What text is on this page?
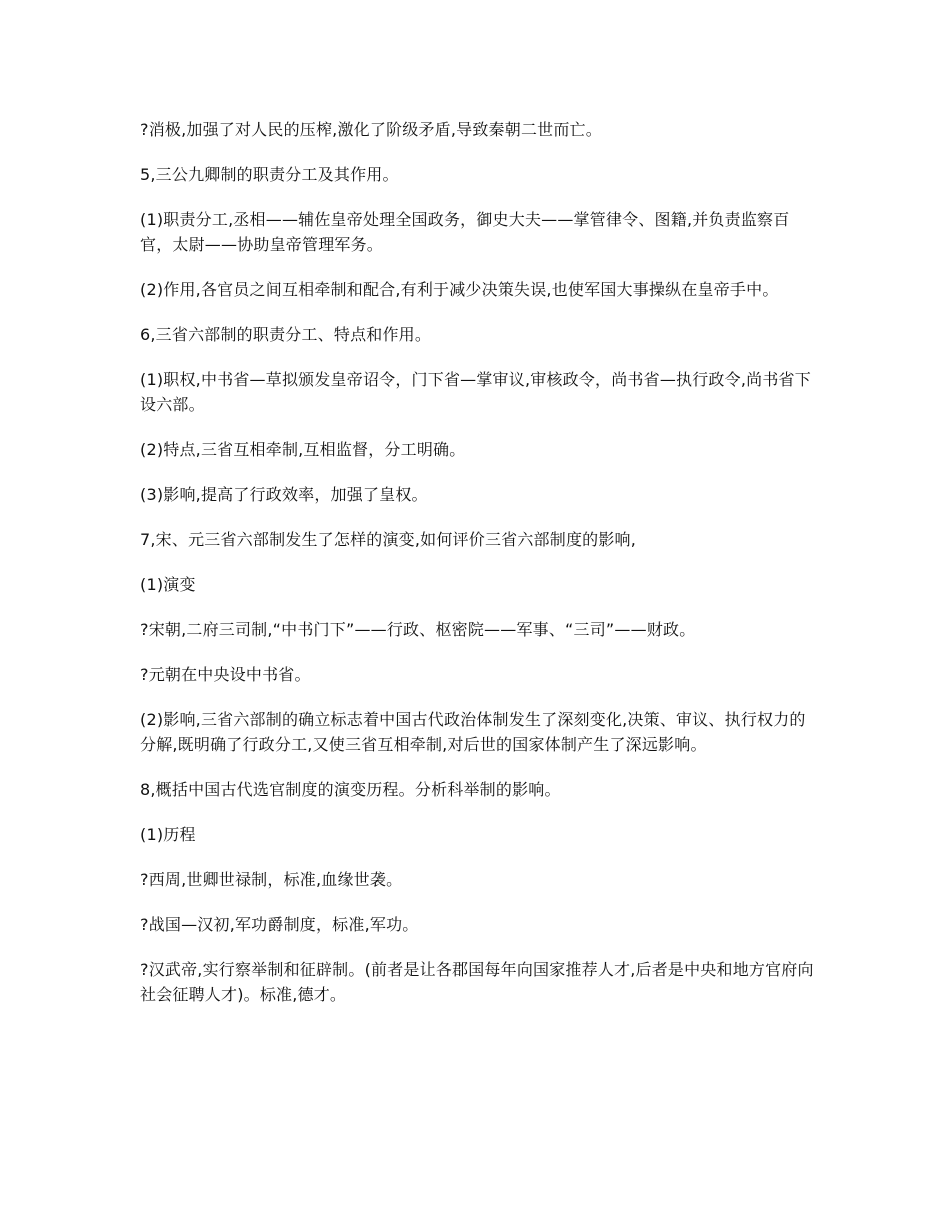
?消极,加强了对人民的压榨,激化了阶级矛盾,导致秦朝二世而亡。

5,三公九卿制的职责分工及其作用。

(1)职责分工,丞相——辅佐皇帝处理全国政务，御史大夫——掌管律令、图籍,并负责监察百官，太尉——协助皇帝管理军务。

(2)作用,各官员之间互相牵制和配合,有利于减少决策失误,也使军国大事操纵在皇帝手中。

6,三省六部制的职责分工、特点和作用。

(1)职权,中书省—草拟颁发皇帝诏令，门下省—掌审议,审核政令，尚书省—执行政令,尚书省下设六部。

(2)特点,三省互相牵制,互相监督，分工明确。

(3)影响,提高了行政效率，加强了皇权。

7,宋、元三省六部制发生了怎样的演变,如何评价三省六部制度的影响,

(1)演变

?宋朝,二府三司制,“中书门下”——行政、枢密院——军事、“三司”——财政。

?元朝在中央设中书省。

(2)影响,三省六部制的确立标志着中国古代政治体制发生了深刻变化,决策、审议、执行权力的分解,既明确了行政分工,又使三省互相牵制,对后世的国家体制产生了深远影响。

8,概括中国古代选官制度的演变历程。分析科举制的影响。

(1)历程

?西周,世卿世禄制，标准,血缘世袭。

?战国—汉初,军功爵制度，标准,军功。

?汉武帝,实行察举制和征辟制。(前者是让各郡国每年向国家推荐人才,后者是中央和地方官府向社会征聘人才)。标准,德才。
